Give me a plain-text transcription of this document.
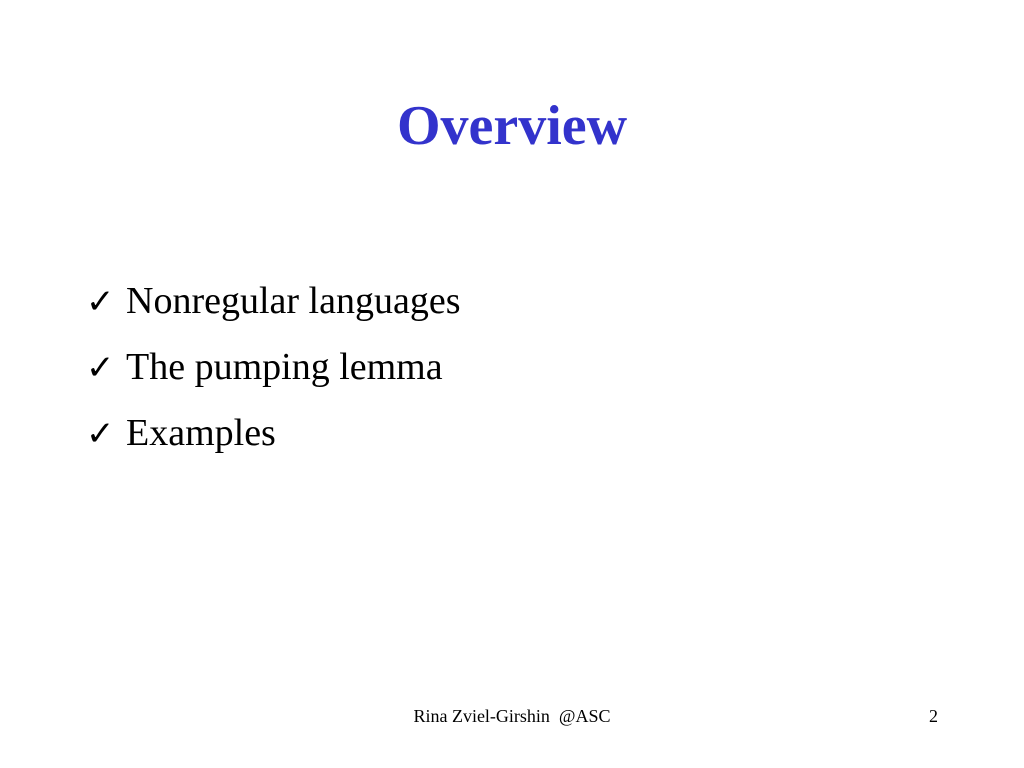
Overview
✓ Nonregular languages
✓ The pumping lemma
✓ Examples
Rina Zviel-Girshin  @ASC	2
